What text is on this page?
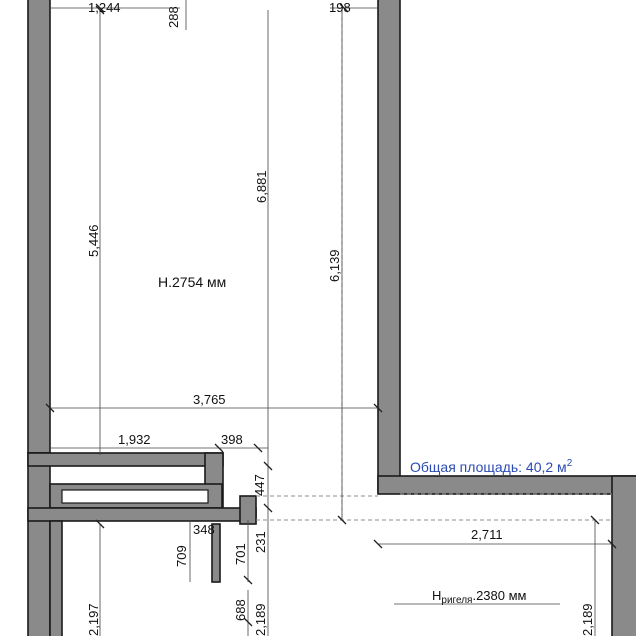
1,244	288	198
5,446
6,881
6,139
Н.2754 мм
3,765
1,932	398
447
348
709	701
231
688
2,197	2,189
2,711
2,189
$Н_{ригеля}.2380$ мм
Общая площадь: 40,2 $м^2$
